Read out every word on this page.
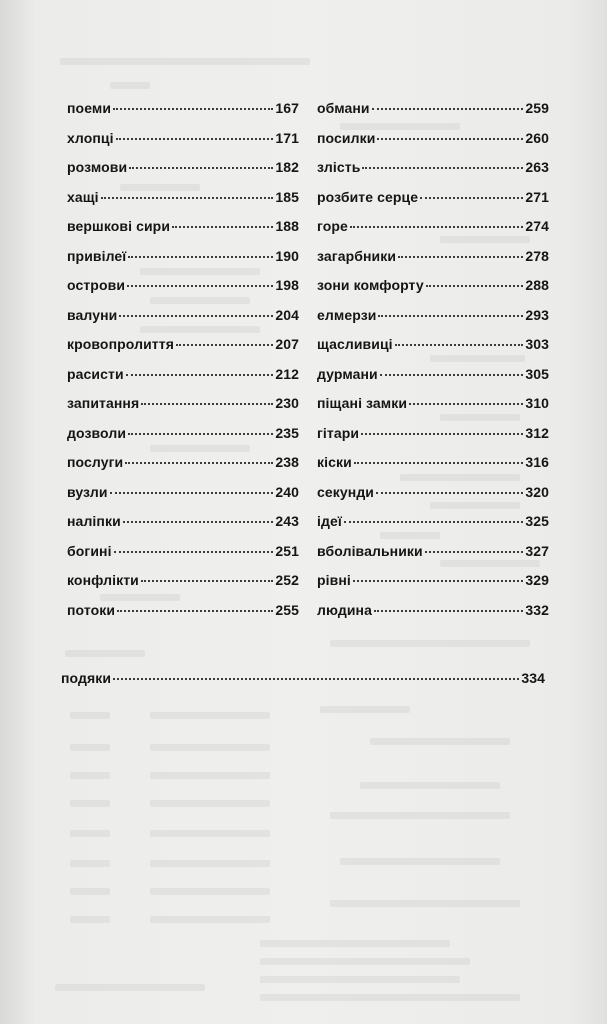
поеми	167
хлопці	171
розмови	182
хащі	185
вершкові сири	188
привілеї	190
острови	198
валуни	204
кровопролиття	207
расисти	212
запитання	230
дозволи	235
послуги	238
вузли	240
наліпки	243
богині	251
конфлікти	252
потоки	255
обмани	259
посилки	260
злість	263
розбите серце	271
горе	274
загарбники	278
зони комфорту	288
елмерзи	293
щасливиці	303
дурмани	305
піщані замки	310
гітари	312
кіски	316
секунди	320
ідеї	325
вболівальники	327
рівні	329
людина	332
подяки	334
